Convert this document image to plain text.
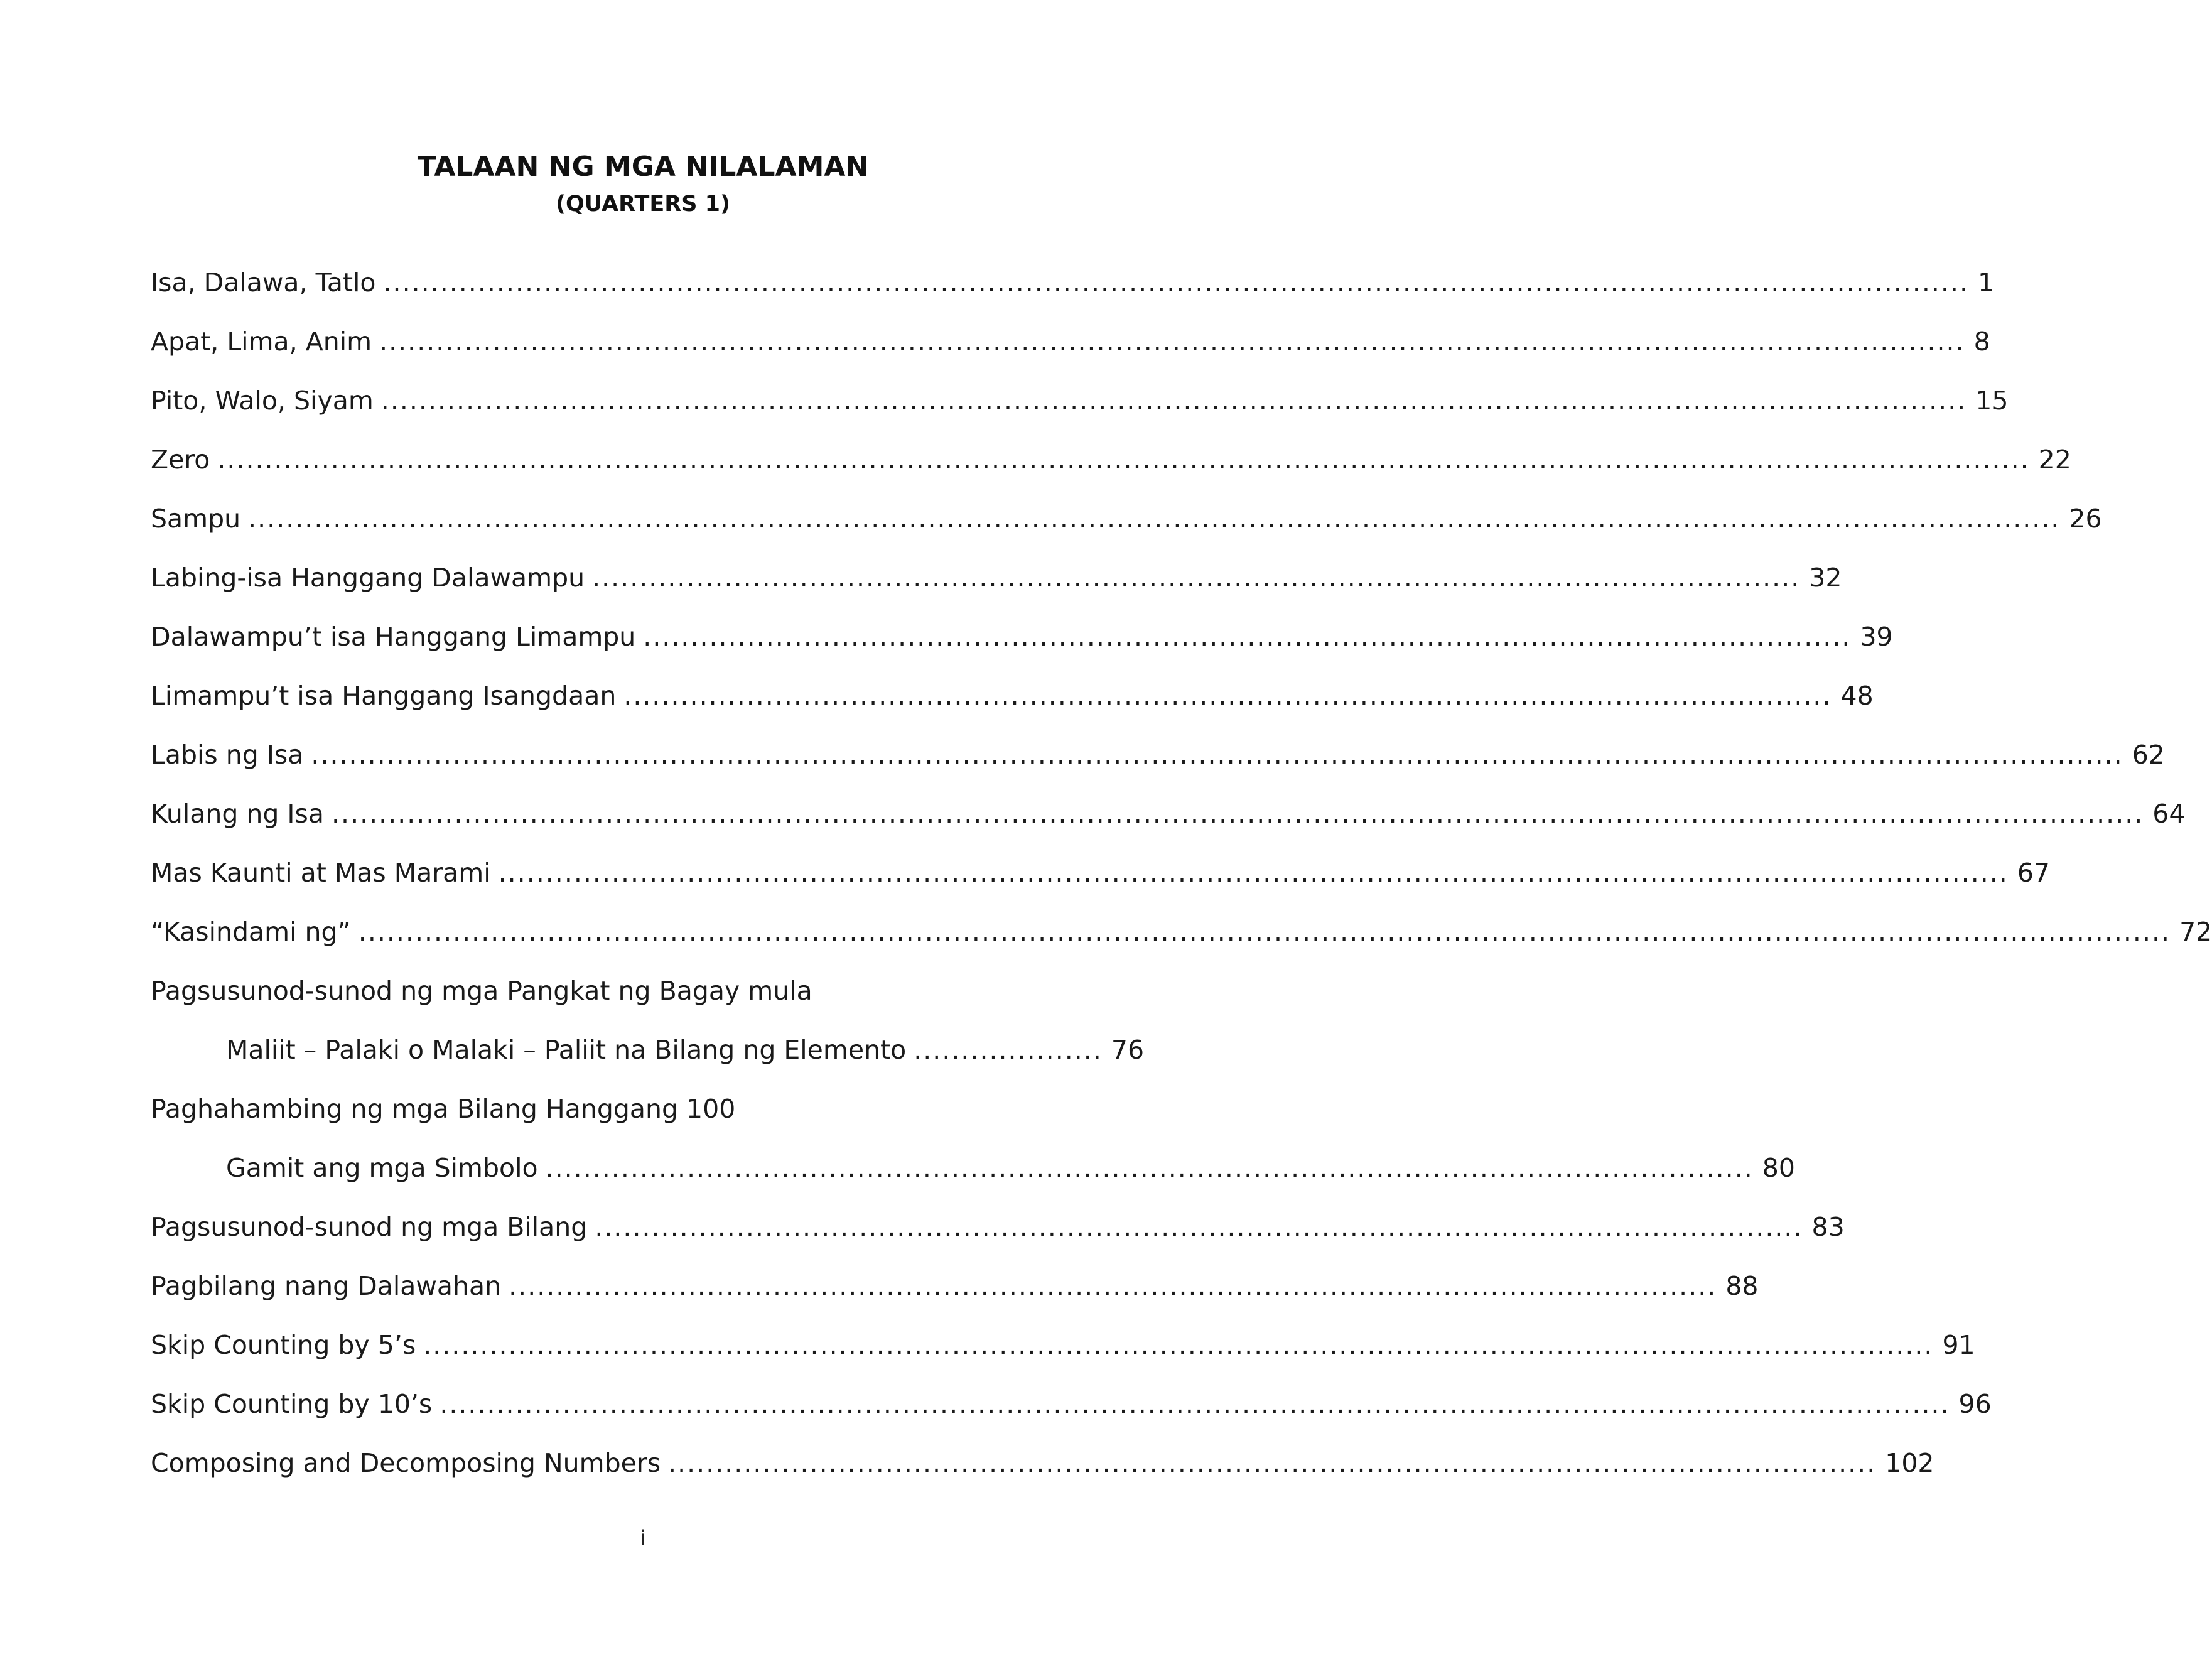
TALAAN NG MGA NILALAMAN
(QUARTERS 1)
Isa, Dalawa, Tatlo ........................................................................................................................................................................ 1
Apat, Lima, Anim ........................................................................................................................................................................ 8
Pito, Walo, Siyam ........................................................................................................................................................................ 15
Zero ................................................................................................................................................................................................ 22
Sampu ................................................................................................................................................................................................ 26
Labing-isa Hanggang Dalawampu ................................................................................................................................ 32
Dalawampu’t isa Hanggang Limampu ................................................................................................................................ 39
Limampu’t isa Hanggang Isangdaan ................................................................................................................................ 48
Labis ng Isa ................................................................................................................................................................................................ 62
Kulang ng Isa ................................................................................................................................................................................................ 64
Mas Kaunti at Mas Marami ................................................................................................................................................................ 67
“Kasindami ng” ................................................................................................................................................................................................ 72
Pagsusunod-sunod ng mga Pangkat ng Bagay mula
Maliit – Palaki o Malaki – Paliit na Bilang ng Elemento .................... 76
Paghahambing ng mga Bilang Hanggang 100
Gamit ang mga Simbolo ................................................................................................................................ 80
Pagsusunod-sunod ng mga Bilang ................................................................................................................................ 83
Pagbilang nang Dalawahan ................................................................................................................................ 88
Skip Counting by 5’s ................................................................................................................................................................ 91
Skip Counting by 10’s ................................................................................................................................................................ 96
Composing and Decomposing Numbers ................................................................................................................................ 102
i
